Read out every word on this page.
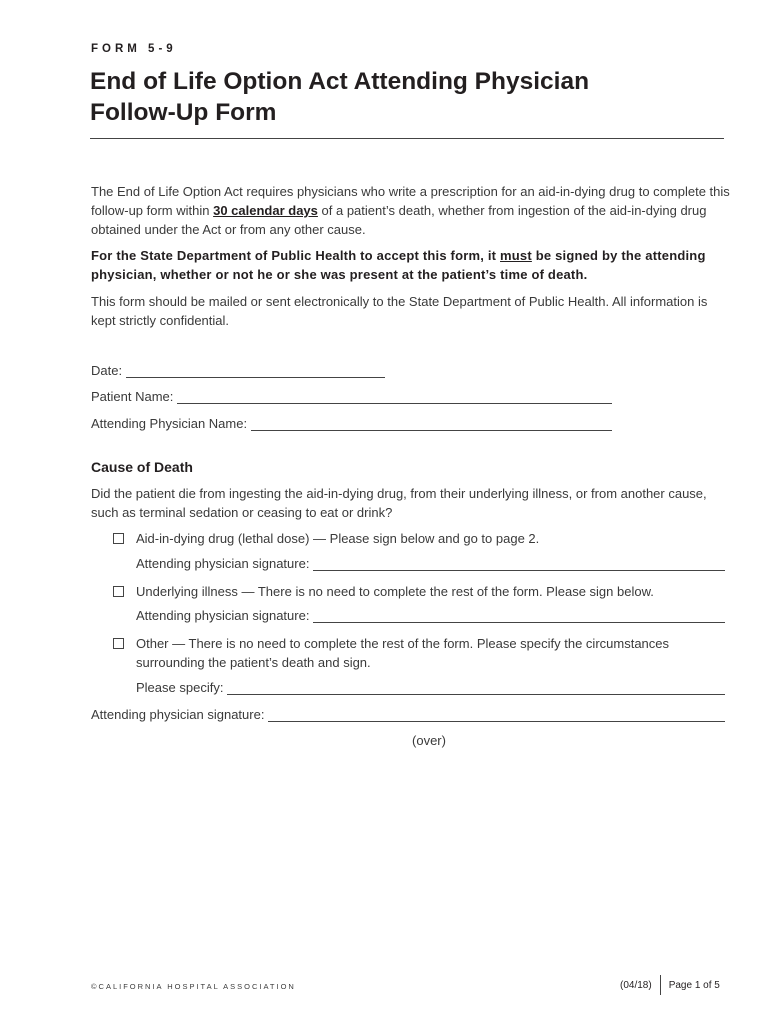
FORM 5-9
End of Life Option Act Attending Physician
Follow-Up Form
The End of Life Option Act requires physicians who write a prescription for an aid-in-dying drug to complete this follow-up form within 30 calendar days of a patient’s death, whether from ingestion of the aid-in-dying drug obtained under the Act or from any other cause.
For the State Department of Public Health to accept this form, it must be signed by the attending physician, whether or not he or she was present at the patient’s time of death.
This form should be mailed or sent electronically to the State Department of Public Health. All information is kept strictly confidential.
Date:
Patient Name:
Attending Physician Name:
Cause of Death
Did the patient die from ingesting the aid-in-dying drug, from their underlying illness, or from another cause, such as terminal sedation or ceasing to eat or drink?
Aid-in-dying drug (lethal dose) — Please sign below and go to page 2.
Attending physician signature:
Underlying illness — There is no need to complete the rest of the form. Please sign below.
Attending physician signature:
Other — There is no need to complete the rest of the form. Please specify the circumstances surrounding the patient’s death and sign.
Please specify:
Attending physician signature:
(over)
©CALIFORNIA HOSPITAL ASSOCIATION	(04/18) Page 1 of 5
